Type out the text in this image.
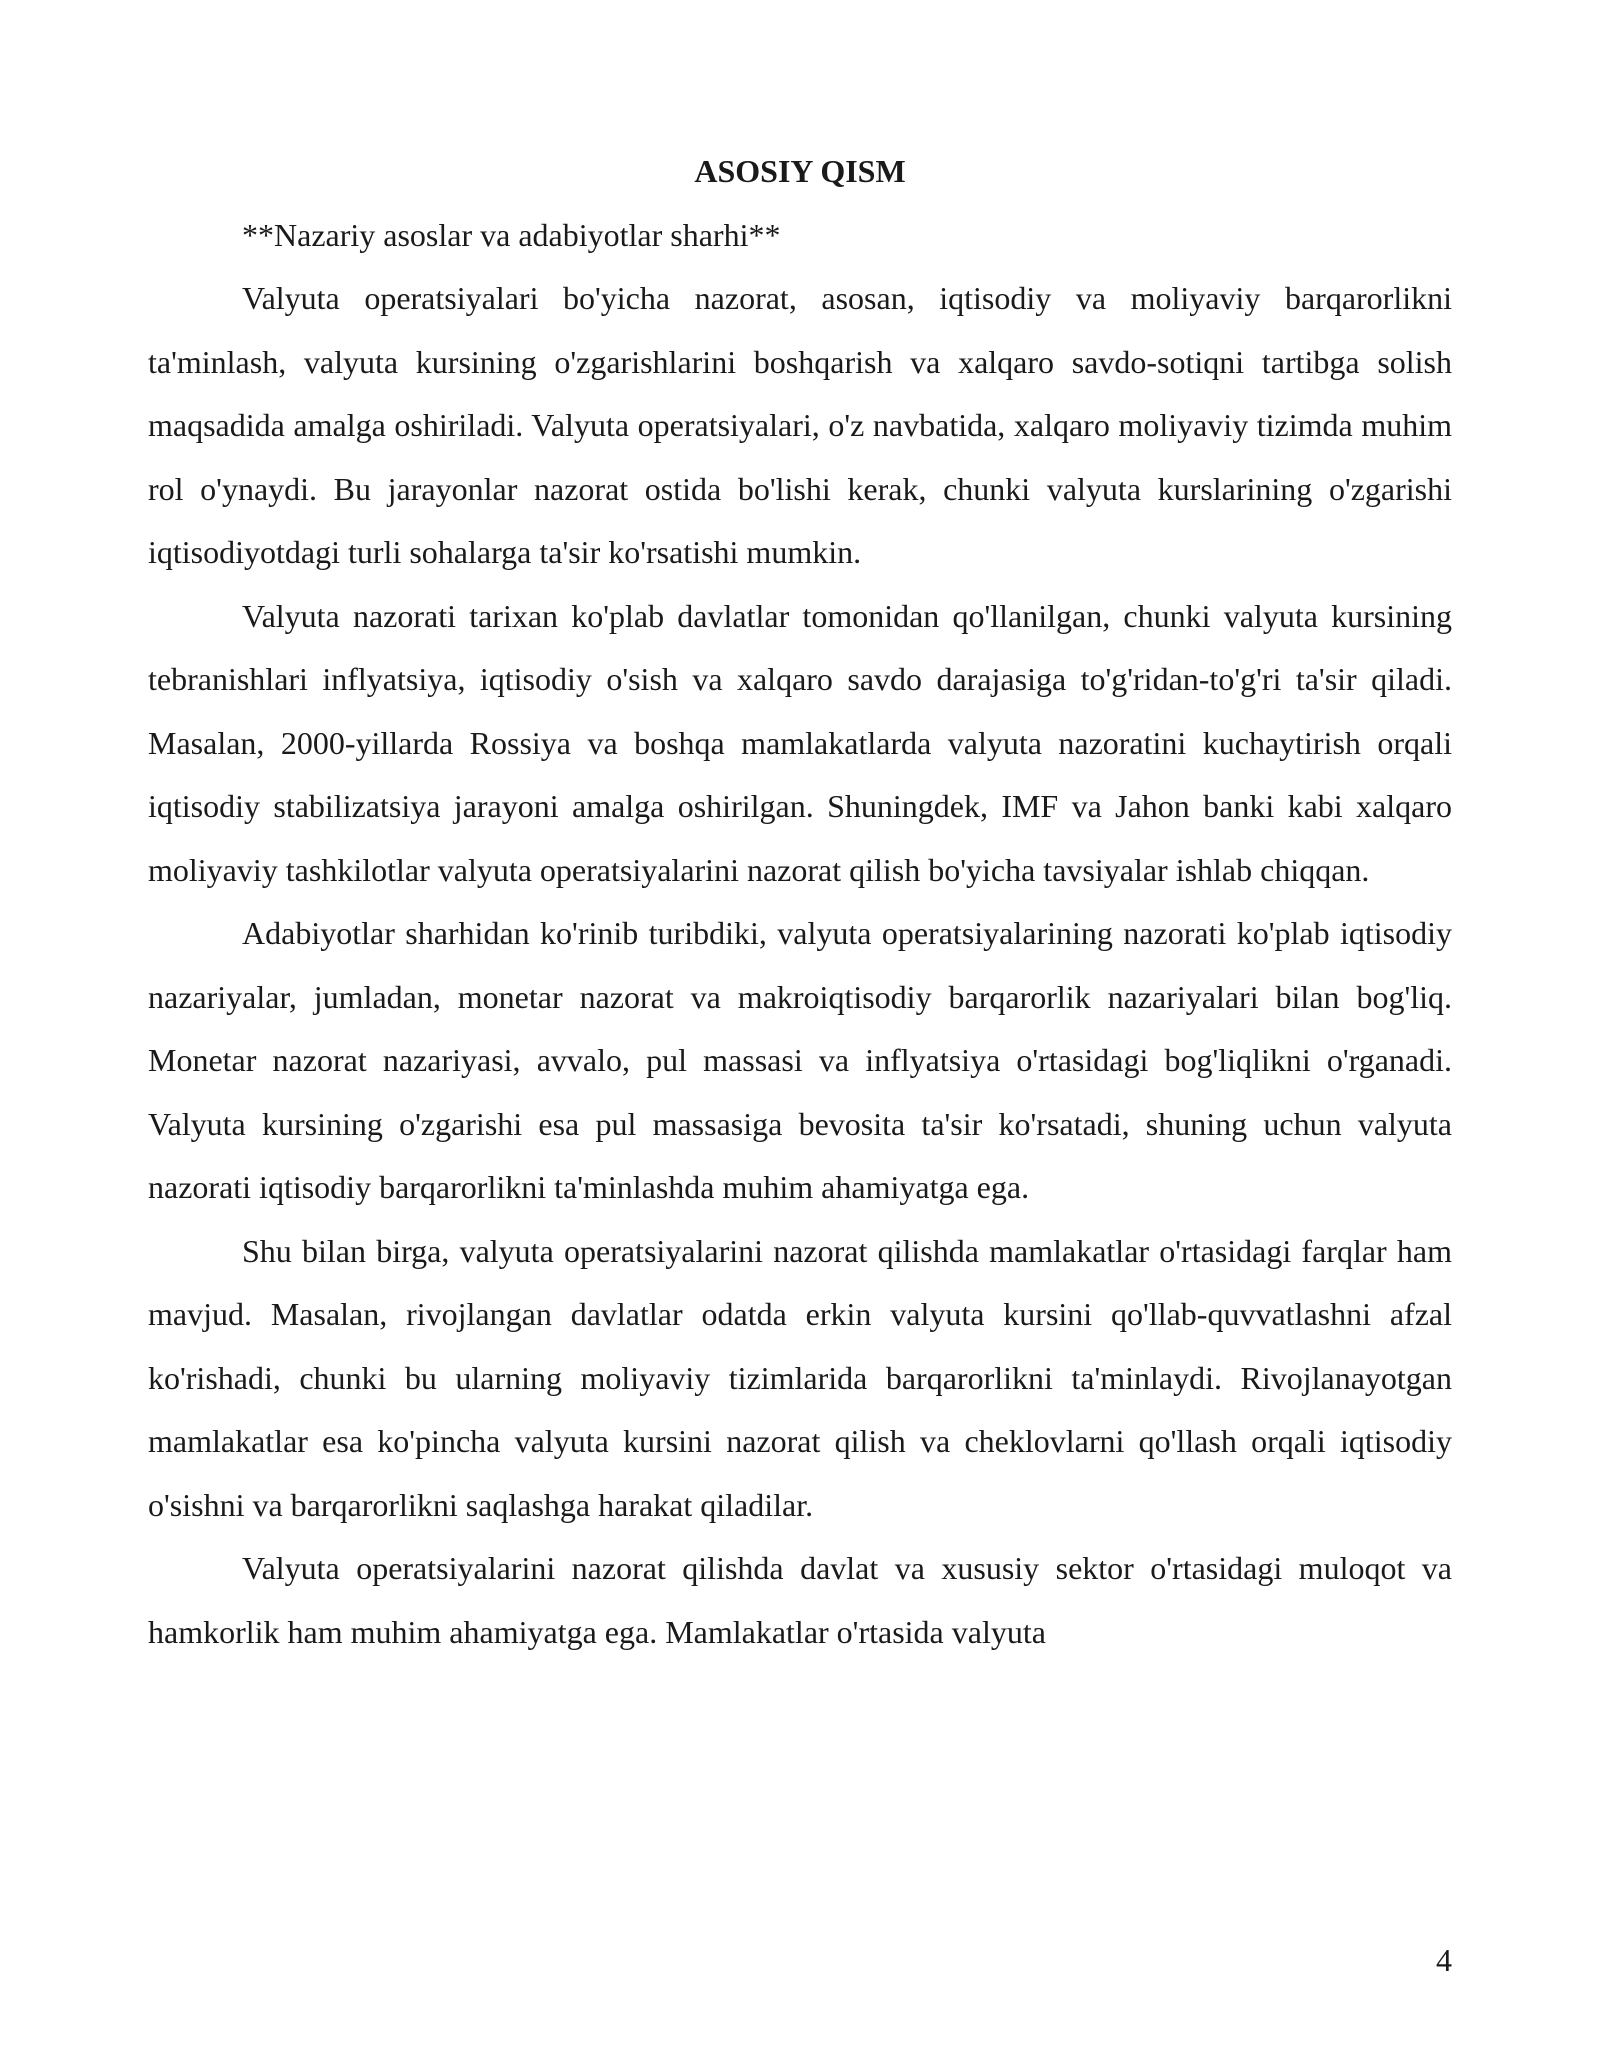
ASOSIY QISM

**Nazariy asoslar va adabiyotlar sharhi**

Valyuta operatsiyalari bo'yicha nazorat, asosan, iqtisodiy va moliyaviy barqarorlikni ta'minlash, valyuta kursining o'zgarishlarini boshqarish va xalqaro savdo-sotiqni tartibga solish maqsadida amalga oshiriladi. Valyuta operatsiyalari, o'z navbatida, xalqaro moliyaviy tizimda muhim rol o'ynaydi. Bu jarayonlar nazorat ostida bo'lishi kerak, chunki valyuta kurslarining o'zgarishi iqtisodiyotdagi turli sohalarga ta'sir ko'rsatishi mumkin.

Valyuta nazorati tarixan ko'plab davlatlar tomonidan qo'llanilgan, chunki valyuta kursining tebranishlari inflyatsiya, iqtisodiy o'sish va xalqaro savdo darajasiga to'g'ridan-to'g'ri ta'sir qiladi. Masalan, 2000-yillarda Rossiya va boshqa mamlakatlarda valyuta nazoratini kuchaytirish orqali iqtisodiy stabilizatsiya jarayoni amalga oshirilgan. Shuningdek, IMF va Jahon banki kabi xalqaro moliyaviy tashkilotlar valyuta operatsiyalarini nazorat qilish bo'yicha tavsiyalar ishlab chiqqan.

Adabiyotlar sharhidan ko'rinib turibdiki, valyuta operatsiyalarining nazorati ko'plab iqtisodiy nazariyalar, jumladan, monetar nazorat va makroiqtisodiy barqarorlik nazariyalari bilan bog'liq. Monetar nazorat nazariyasi, avvalo, pul massasi va inflyatsiya o'rtasidagi bog'liqlikni o'rganadi. Valyuta kursining o'zgarishi esa pul massasiga bevosita ta'sir ko'rsatadi, shuning uchun valyuta nazorati iqtisodiy barqarorlikni ta'minlashda muhim ahamiyatga ega.

Shu bilan birga, valyuta operatsiyalarini nazorat qilishda mamlakatlar o'rtasidagi farqlar ham mavjud. Masalan, rivojlangan davlatlar odatda erkin valyuta kursini qo'llab-quvvatlashni afzal ko'rishadi, chunki bu ularning moliyaviy tizimlarida barqarorlikni ta'minlaydi. Rivojlanayotgan mamlakatlar esa ko'pincha valyuta kursini nazorat qilish va cheklovlarni qo'llash orqali iqtisodiy o'sishni va barqarorlikni saqlashga harakat qiladilar.

Valyuta operatsiyalarini nazorat qilishda davlat va xususiy sektor o'rtasidagi muloqot va hamkorlik ham muhim ahamiyatga ega. Mamlakatlar o'rtasida valyuta

4
